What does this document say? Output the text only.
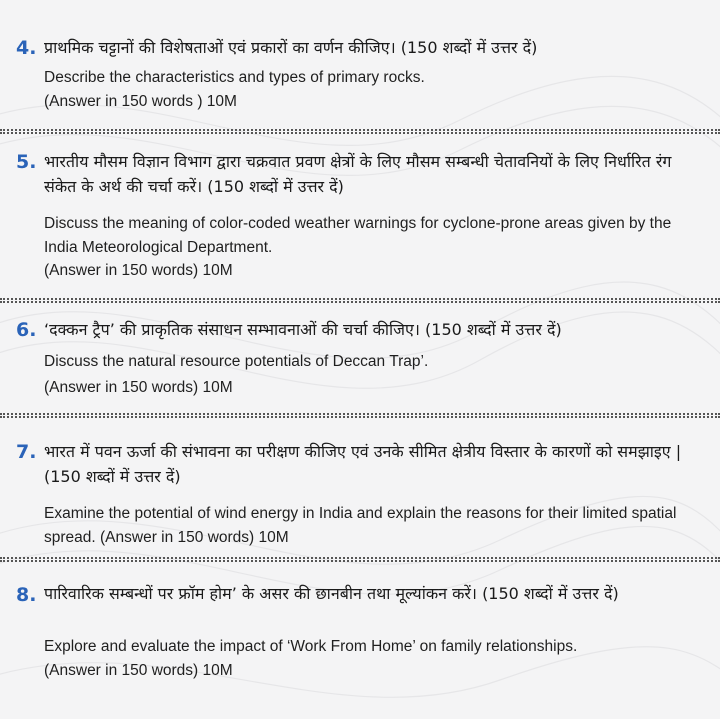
4. प्राथमिक चट्टानों की विशेषताओं एवं प्रकारों का वर्णन कीजिए। (150 शब्दों में उत्तर दें)
Describe the characteristics and types of primary rocks.
(Answer in 150 words ) 10M
5. भारतीय मौसम विज्ञान विभाग द्वारा चक्रवात प्रवण क्षेत्रों के लिए मौसम सम्बन्धी चेतावनियों के लिए निर्धारित रंग संकेत के अर्थ की चर्चा करें। (150 शब्दों में उत्तर दें)
Discuss the meaning of color-coded weather warnings for cyclone-prone areas given by the India Meteorological Department.
(Answer in 150 words) 10M
6. ‘दक्कन ट्रैप’ की प्राकृतिक संसाधन सम्भावनाओं की चर्चा कीजिए। (150 शब्दों में उत्तर दें)
Discuss the natural resource potentials of Deccan Trap’.
(Answer in 150 words) 10M
7. भारत में पवन ऊर्जा की संभावना का परीक्षण कीजिए एवं उनके सीमित क्षेत्रीय विस्तार के कारणों को समझाइए | (150 शब्दों में उत्तर दें)
Examine the potential of wind energy in India and explain the reasons for their limited spatial spread. (Answer in 150 words) 10M
8. पारिवारिक सम्बन्धों पर फ्रॉम होम’ के असर की छानबीन तथा मूल्यांकन करें। (150 शब्दों में उत्तर दें)
Explore and evaluate the impact of ‘Work From Home’ on family relationships.
(Answer in 150 words) 10M
